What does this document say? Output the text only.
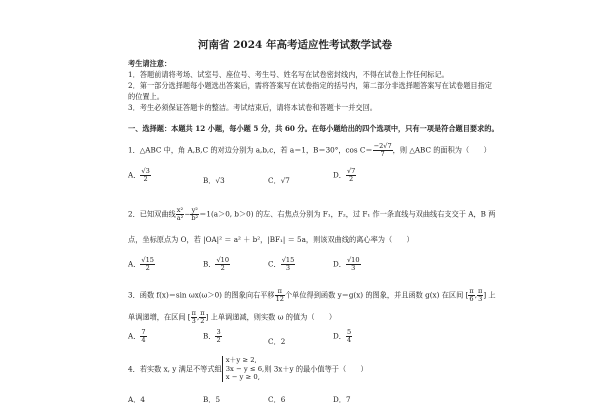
河南省 2024 年高考适应性考试数学试卷
考生请注意：
1．答题前请将考场、试室号、座位号、考生号、姓名写在试卷密封线内，不得在试卷上作任何标记。
2．第一部分选择题每小题选出答案后，需将答案写在试卷指定的括号内，第二部分非选择题答案写在试卷题目指定
的位置上。
3．考生必须保证答题卡的整洁。考试结束后，请将本试卷和答题卡一并交回。
一、选择题：本题共 12 小题，每小题 5 分，共 60 分。在每小题给出的四个选项中，只有一项是符合题目要求的。
1．△ABC 中，角 A,B,C 的对边分别为 a,b,c，若 a＝1，B＝30°，$\cos C= \frac{-2√7}{7}$ ，则 △ABC 的面积为（　　）
A． $\frac{√3}{2}$	B．√3	C．√7
D． $\frac{√7}{2}$
2．已知双曲线 $\frac{\text{x²}}{\text{a²}} - \frac{\text{y²}}{\text{b²}} =1(a>0$, b＞0) 的左、右焦点分别为 F₁，F₂，过 F₁ 作一条直线与双曲线右支交于 A，B 两
点，坐标原点为 O，若 |OA|² ＝ a² ＋ b²，|BF₁| ＝ 5a，则该双曲线的离心率为（　　）
A． $\frac{√15}{2}$	B． $\frac{√10}{2}$	C． $\frac{√15}{3}$	D． $\frac{√10}{3}$
3．函数 f(x)＝sin ωx(ω＞0) 的图象向右平移 $\frac{\pi}{12}$ 个单位得到函数 y＝g(x) 的图象，并且函数 g(x) 在区间 [ $\frac{\pi}{6}$ , $\frac{\pi}{3}$ ] 上
单调递增，在区间 [ $\frac{\pi}{3}$ , $\frac{\pi}{2}$ ] 上单调递减，则实数 ω 的值为（　　）
A． $\frac{7}{4}$	B． $\frac{3}{2}$	C．2
D． $\frac{5}{4}$
4．若实数 x, y 满足不等式组
x＋y ≥ 2,
3x − y ≤ 6,
x − y ≥ 0,
则 3x＋y 的最小值等于（　　）
A．4	B．5	C．6	D．7
